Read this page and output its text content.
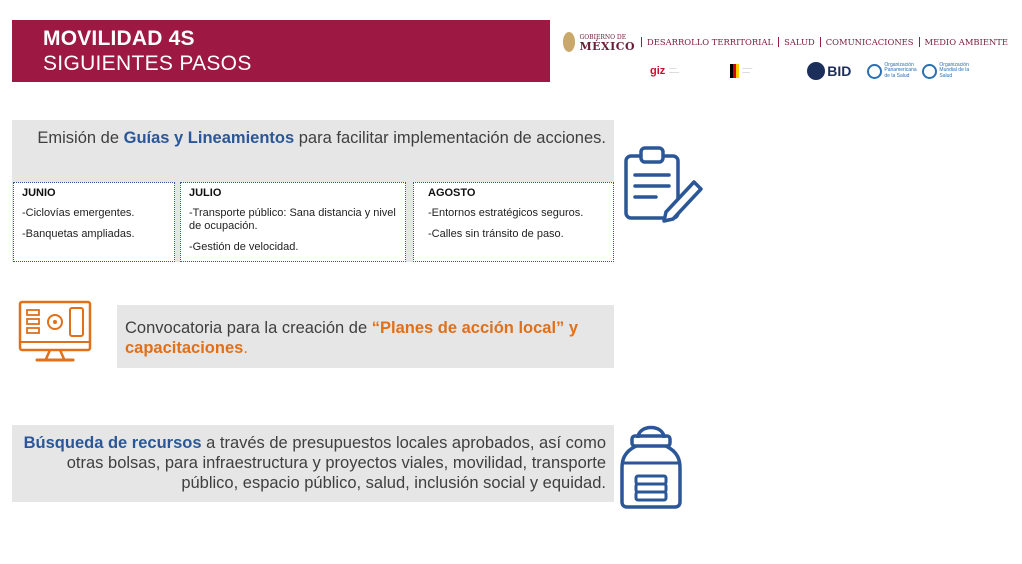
MOVILIDAD 4S
SIGUIENTES PASOS
GOBIERNO DE
MÉXICO	DESARROLLO TERRITORIAL	SALUD	COMUNICACIONES	MEDIO AMBIENTE
giz ───
────
────
───	BID	Organización Panamericana de la Salud
Organización Mundial de la Salud
Emisión de Guías y Lineamientos para facilitar implementación de acciones.
JUNIO

-Ciclovías emergentes.

-Banquetas ampliadas.

JULIO

-Transporte público: Sana distancia y nivel de ocupación.

-Gestión de velocidad.

AGOSTO

-Entornos estratégicos seguros.

-Calles sin tránsito de paso.

Convocatoria para la creación de “Planes de acción local” y capacitaciones.
Búsqueda de recursos a través de presupuestos locales aprobados, así como otras bolsas, para infraestructura y proyectos viales, movilidad, transporte público, espacio público, salud, inclusión social y equidad.
